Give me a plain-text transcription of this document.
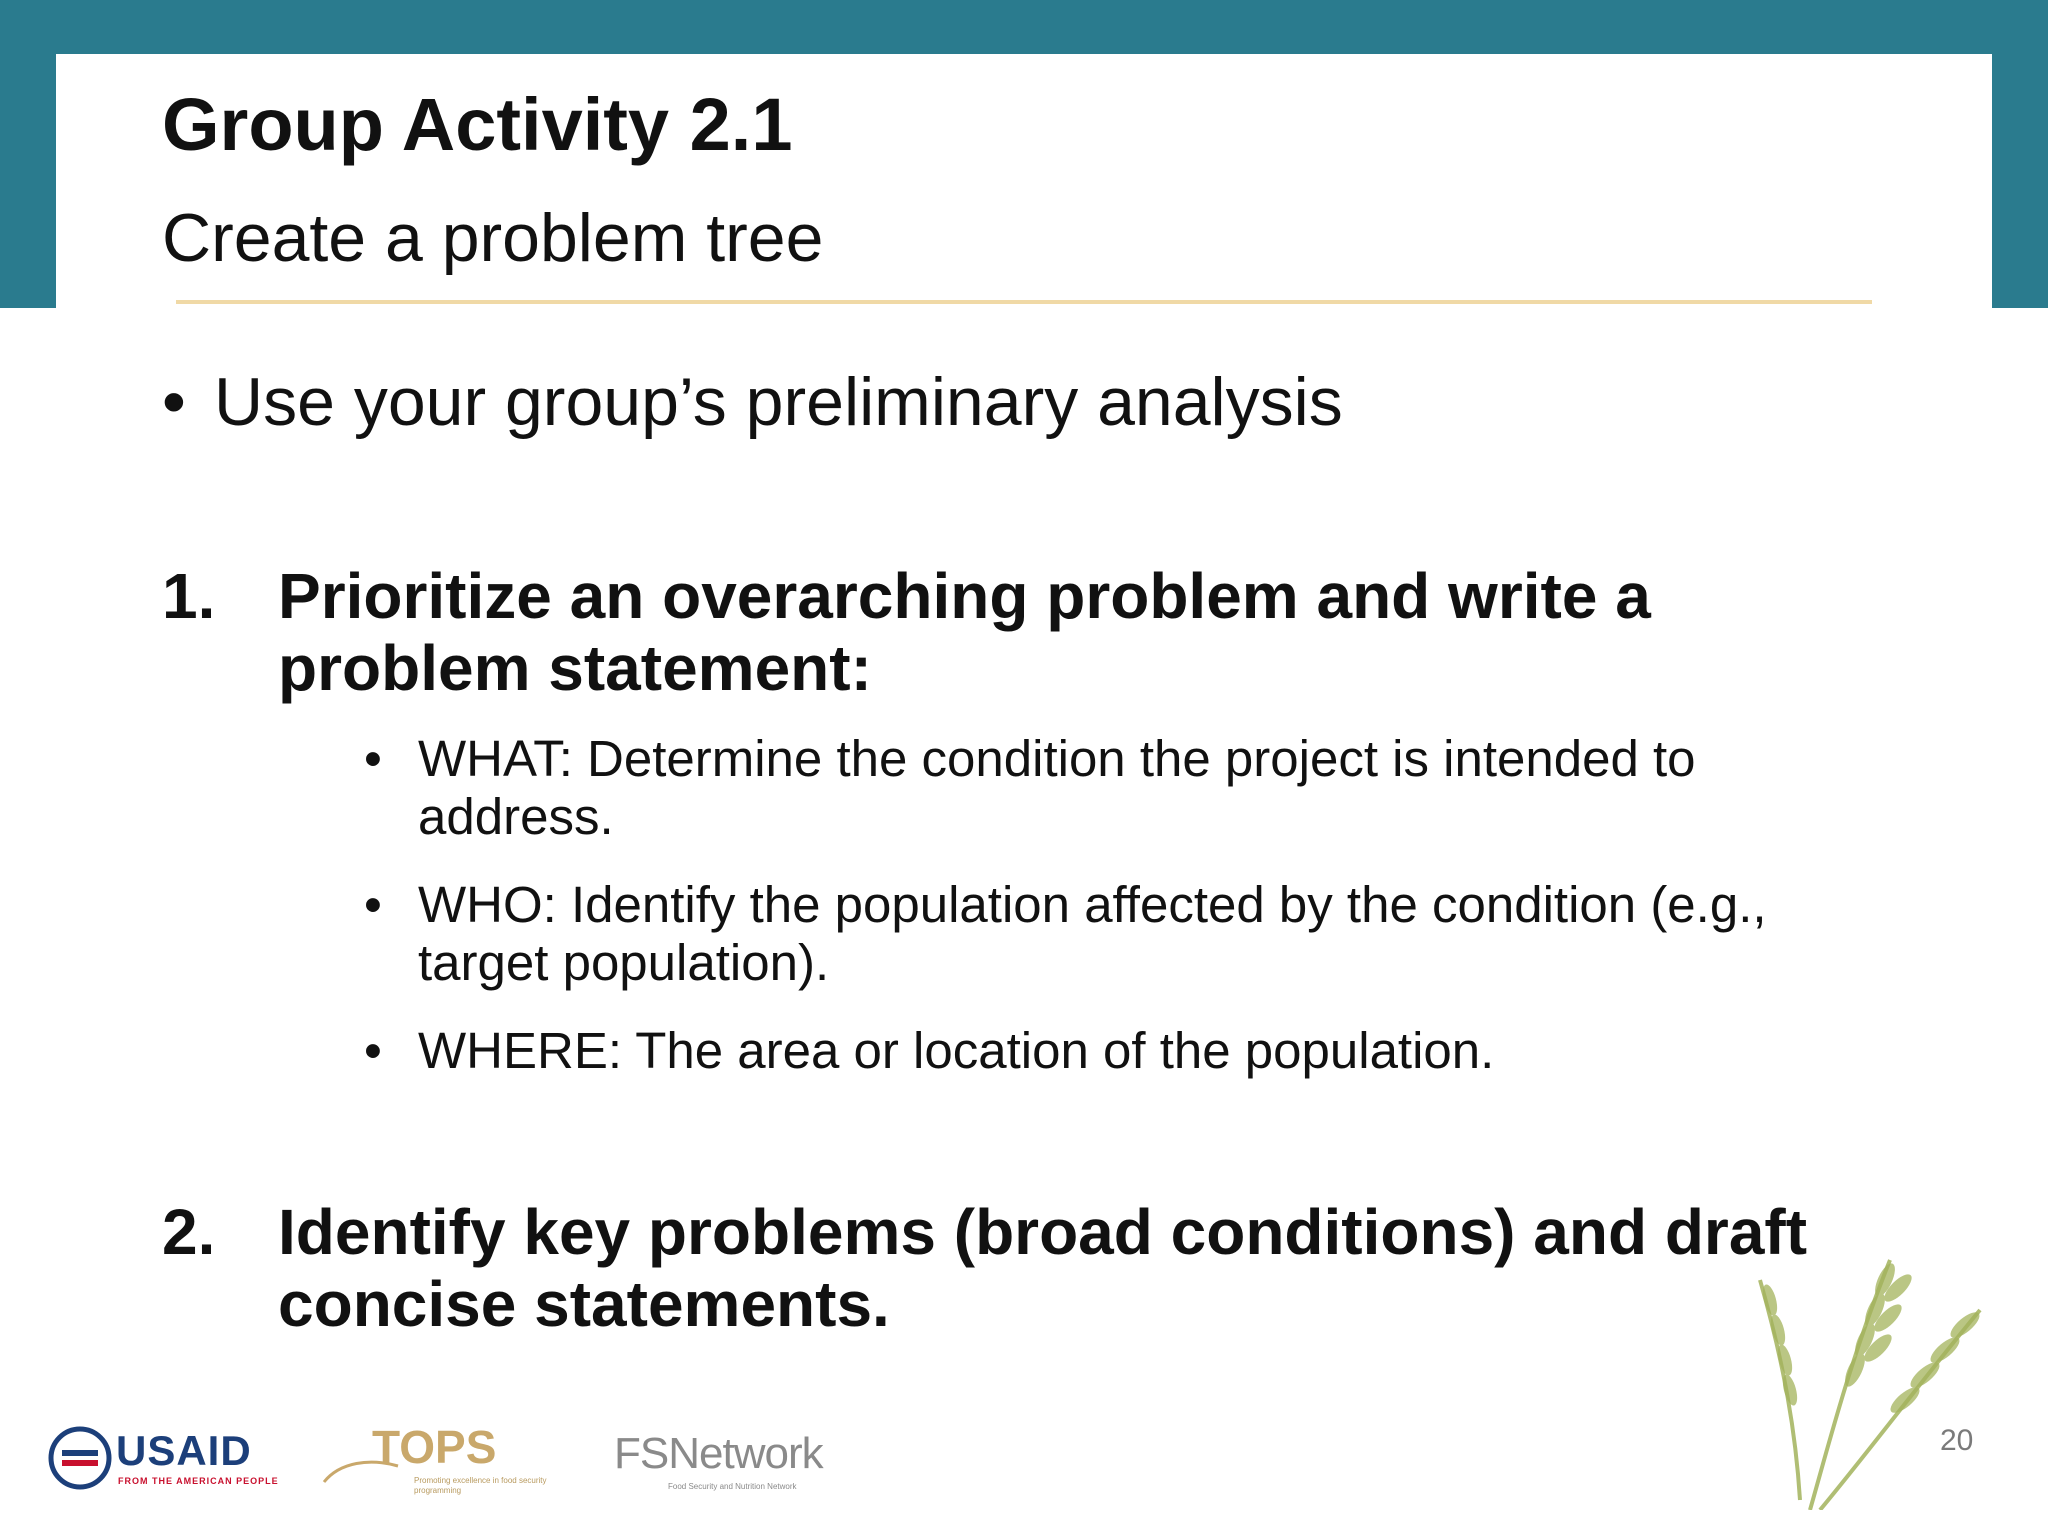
Group Activity 2.1
Create a problem tree
• Use your group’s preliminary analysis
1. Prioritize an overarching problem and write a problem statement:
• WHAT: Determine the condition the project is intended to address.
• WHO: Identify the population affected by the condition (e.g., target population).
• WHERE: The area or location of the population.
2. Identify key problems (broad conditions) and draft concise statements.
USAID
FROM THE AMERICAN PEOPLE
TOPS
Promoting excellence in food security programming
FSNetwork
Food Security and Nutrition Network
20
